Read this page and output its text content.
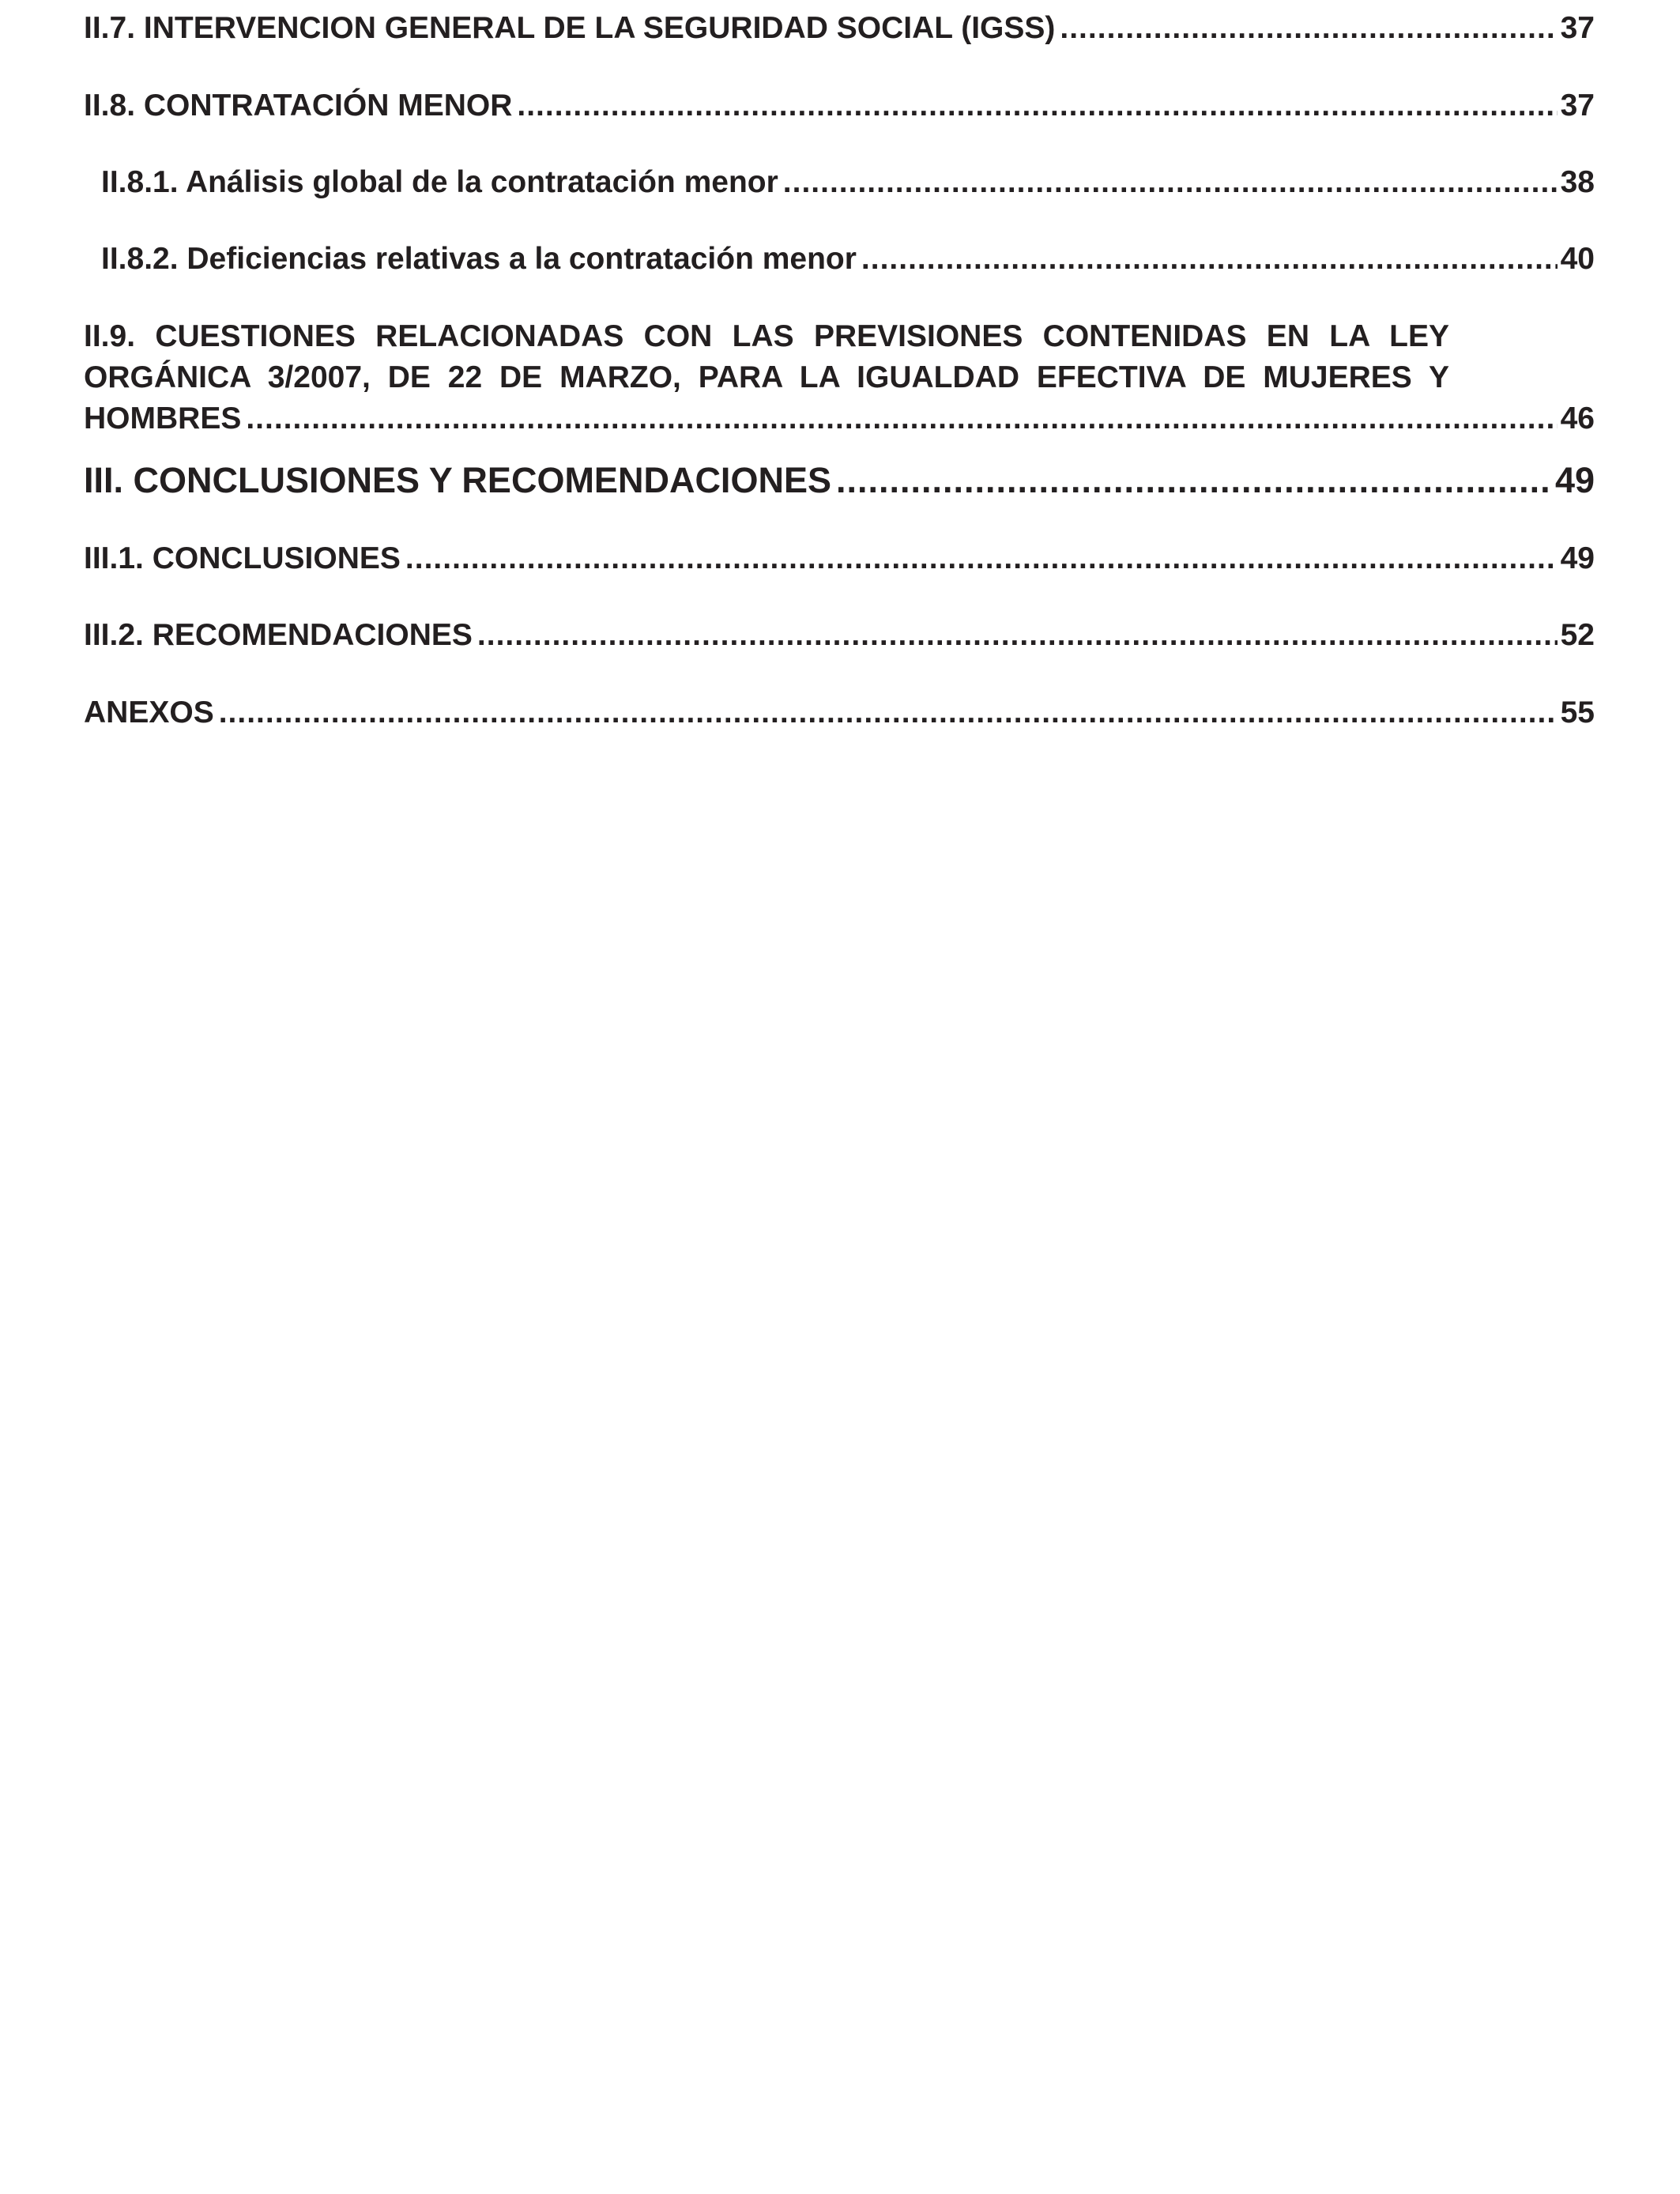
II.7. INTERVENCION GENERAL DE LA SEGURIDAD SOCIAL (IGSS) .....	37
II.8. CONTRATACIÓN MENOR .....	37
II.8.1. Análisis global de la contratación menor .....	38
II.8.2. Deficiencias relativas a la contratación menor .....	40
II.9. CUESTIONES RELACIONADAS CON LAS PREVISIONES CONTENIDAS EN LA LEY
ORGÁNICA 3/2007, DE 22 DE MARZO, PARA LA IGUALDAD EFECTIVA DE MUJERES Y
HOMBRES .....	46
III. CONCLUSIONES Y RECOMENDACIONES .....	49
III.1. CONCLUSIONES .....	49
III.2. RECOMENDACIONES .....	52
ANEXOS .....	55
